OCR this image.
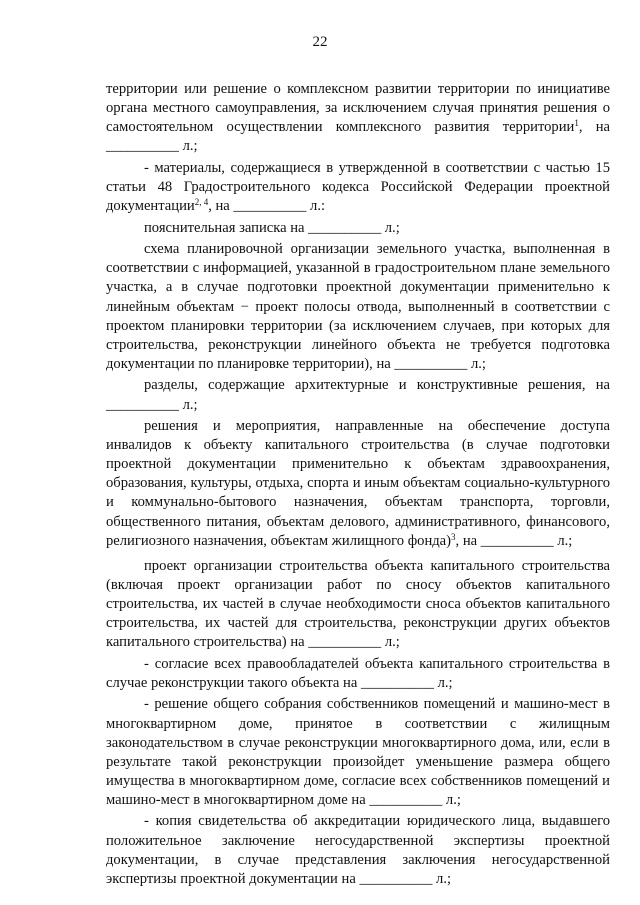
22

территории или решение о комплексном развитии территории по инициативе органа местного самоуправления, за исключением случая принятия решения о самостоятельном осуществлении комплексного развития территории$^1$, на __________ л.;

- материалы, содержащиеся в утвержденной в соответствии с частью 15 статьи 48 Градостроительного кодекса Российской Федерации проектной документации$^{2, 4}$, на __________ л.:

пояснительная записка на __________ л.;

схема планировочной организации земельного участка, выполненная в соответствии с информацией, указанной в градостроительном плане земельного участка, а в случае подготовки проектной документации применительно к линейным объектам − проект полосы отвода, выполненный в соответствии с проектом планировки территории (за исключением случаев, при которых для строительства, реконструкции линейного объекта не требуется подготовка документации по планировке территории), на __________ л.;

разделы, содержащие архитектурные и конструктивные решения, на __________ л.;

решения и мероприятия, направленные на обеспечение доступа инвалидов к объекту капитального строительства (в случае подготовки проектной документации применительно к объектам здравоохранения, образования, культуры, отдыха, спорта и иным объектам социально-культурного и коммунально-бытового назначения, объектам транспорта, торговли, общественного питания, объектам делового, административного, финансового, религиозного назначения, объектам жилищного фонда)$^3$, на __________ л.;

проект организации строительства объекта капитального строительства (включая проект организации работ по сносу объектов капитального строительства, их частей в случае необходимости сноса объектов капитального строительства, их частей для строительства, реконструкции других объектов капитального строительства) на __________ л.;

- согласие всех правообладателей объекта капитального строительства в случае реконструкции такого объекта на __________ л.;

- решение общего собрания собственников помещений и машино-мест в многоквартирном доме, принятое в соответствии с жилищным законодательством в случае реконструкции многоквартирного дома, или, если в результате такой реконструкции произойдет уменьшение размера общего имущества в многоквартирном доме, согласие всех собственников помещений и машино-мест в многоквартирном доме на __________ л.;

- копия свидетельства об аккредитации юридического лица, выдавшего положительное заключение негосударственной экспертизы проектной документации, в случае представления заключения негосударственной экспертизы проектной документации на __________ л.;
